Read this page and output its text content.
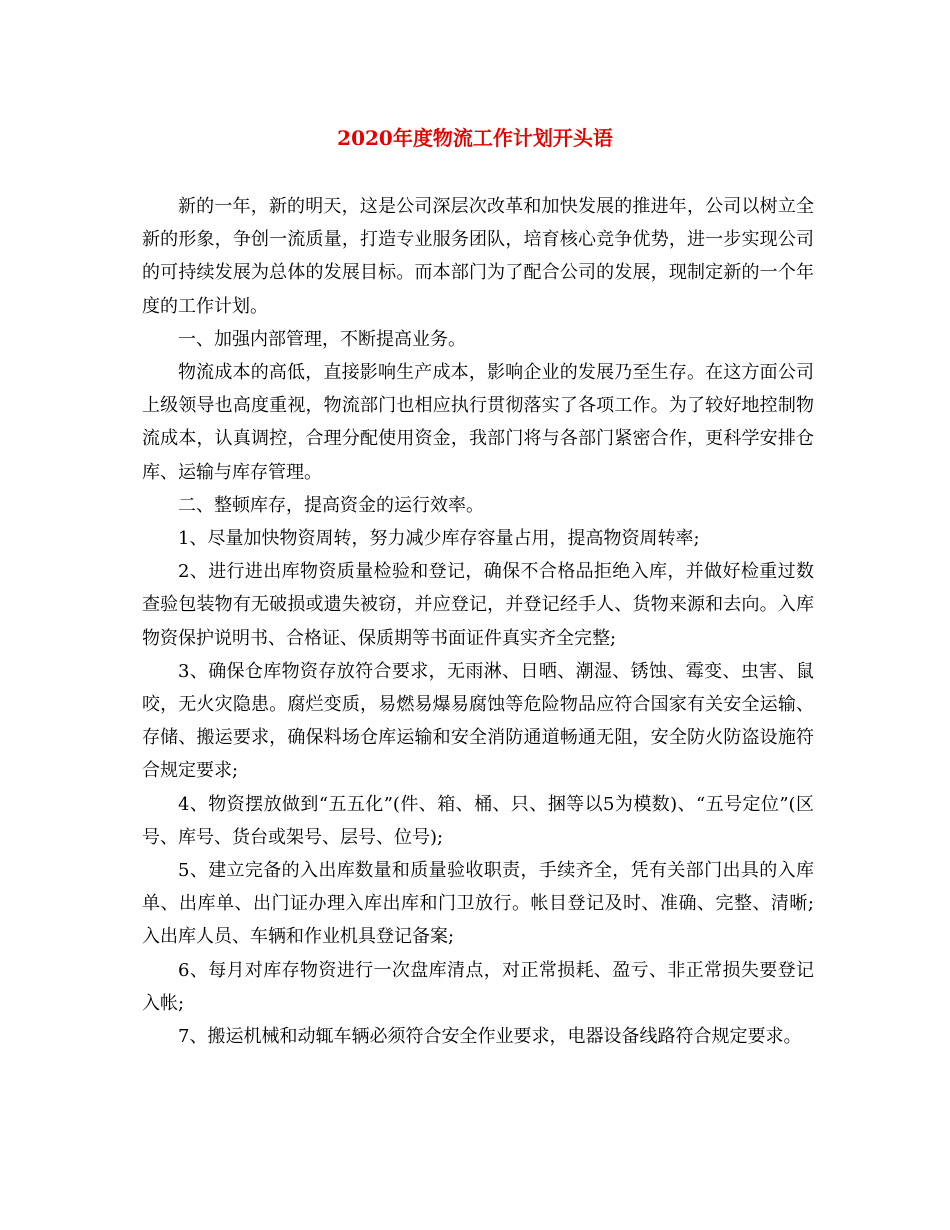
2020年度物流工作计划开头语

新的一年，新的明天，这是公司深层次改革和加快发展的推进年，公司以树立全新的形象，争创一流质量，打造专业服务团队，培育核心竞争优势，进一步实现公司的可持续发展为总体的发展目标。而本部门为了配合公司的发展，现制定新的一个年度的工作计划。

一、加强内部管理，不断提高业务。

物流成本的高低，直接影响生产成本，影响企业的发展乃至生存。在这方面公司上级领导也高度重视，物流部门也相应执行贯彻落实了各项工作。为了较好地控制物流成本，认真调控，合理分配使用资金，我部门将与各部门紧密合作，更科学安排仓库、运输与库存管理。

二、整顿库存，提高资金的运行效率。

1、尽量加快物资周转，努力减少库存容量占用，提高物资周转率;

2、进行进出库物资质量检验和登记，确保不合格品拒绝入库，并做好检重过数查验包装物有无破损或遗失被窃，并应登记，并登记经手人、货物来源和去向。入库物资保护说明书、合格证、保质期等书面证件真实齐全完整;

3、确保仓库物资存放符合要求，无雨淋、日晒、潮湿、锈蚀、霉变、虫害、鼠咬，无火灾隐患。腐烂变质，易燃易爆易腐蚀等危险物品应符合国家有关安全运输、存储、搬运要求，确保料场仓库运输和安全消防通道畅通无阻，安全防火防盗设施符合规定要求;

4、物资摆放做到“五五化”(件、箱、桶、只、捆等以5为模数)、“五号定位”(区号、库号、货台或架号、层号、位号);

5、建立完备的入出库数量和质量验收职责，手续齐全，凭有关部门出具的入库单、出库单、出门证办理入库出库和门卫放行。帐目登记及时、准确、完整、清晰;入出库人员、车辆和作业机具登记备案;

6、每月对库存物资进行一次盘库清点，对正常损耗、盈亏、非正常损失要登记入帐;

7、搬运机械和动辄车辆必须符合安全作业要求，电器设备线路符合规定要求。
